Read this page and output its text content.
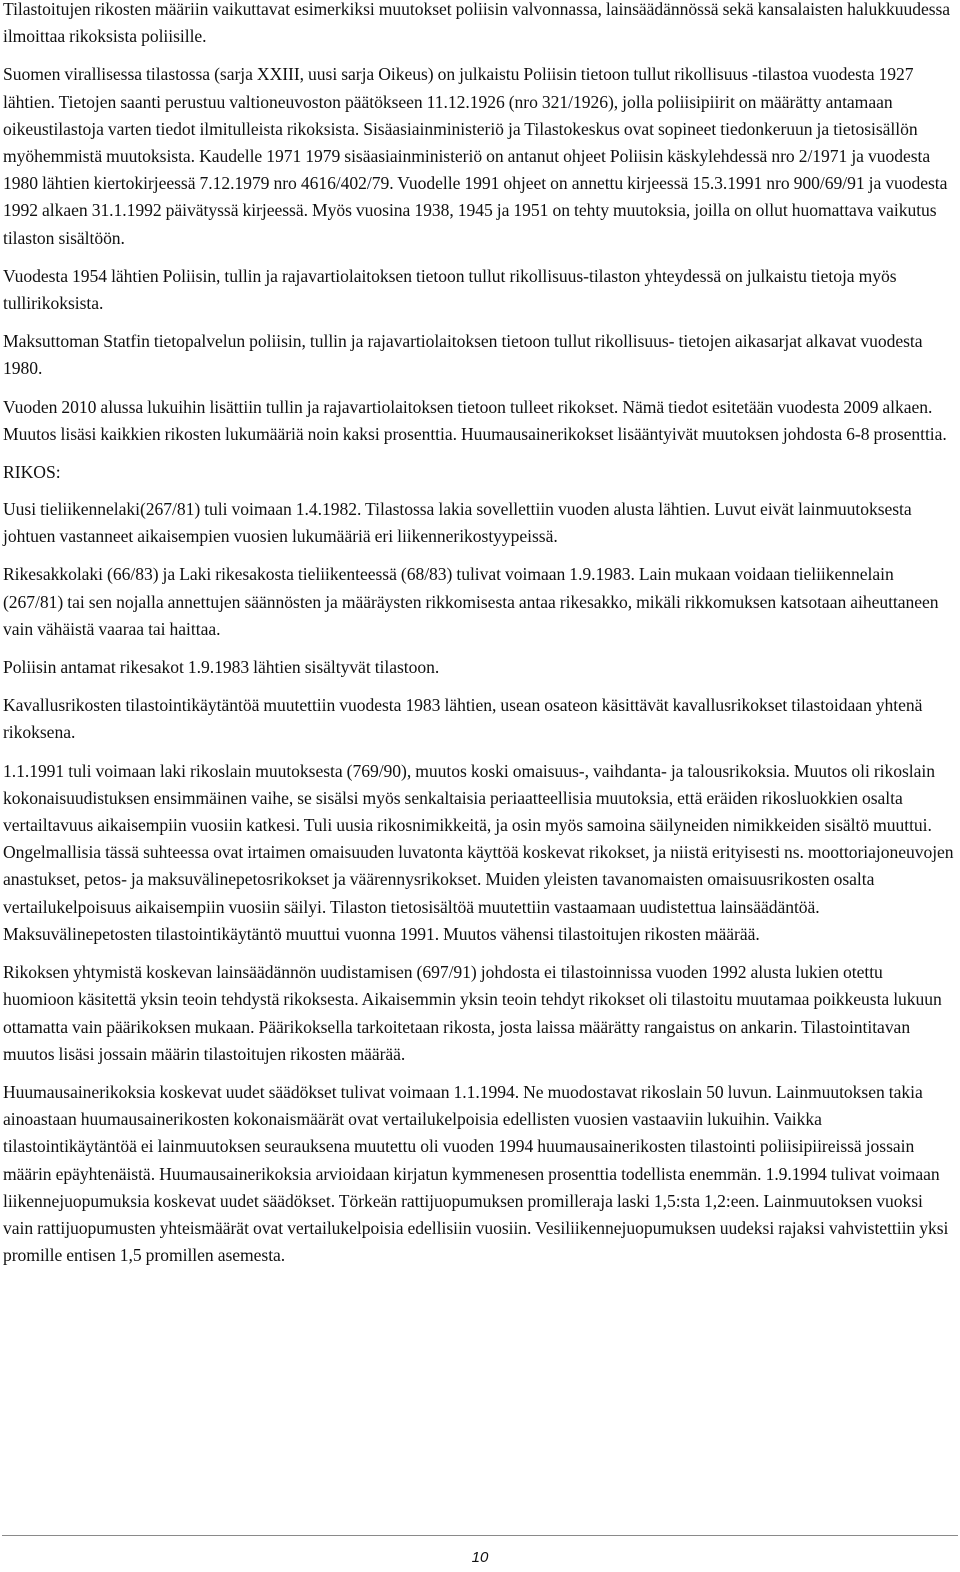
Tilastoitujen rikosten määriin vaikuttavat esimerkiksi muutokset poliisin valvonnassa, lainsäädännössä sekä kansalaisten halukkuudessa ilmoittaa rikoksista poliisille.

Suomen virallisessa tilastossa (sarja XXIII, uusi sarja Oikeus) on julkaistu Poliisin tietoon tullut rikollisuus -tilastoa vuodesta 1927 lähtien. Tietojen saanti perustuu valtioneuvoston päätökseen 11.12.1926 (nro 321/1926), jolla poliisipiirit on määrätty antamaan oikeustilastoja varten tiedot ilmitulleista rikoksista. Sisäasiainministeriö ja Tilastokeskus ovat sopineet tiedonkeruun ja tietosisällön myöhemmistä muutoksista. Kaudelle 1971 1979 sisäasiainministeriö on antanut ohjeet Poliisin käskylehdessä nro 2/1971 ja vuodesta 1980 lähtien kiertokirjeessä 7.12.1979 nro 4616/402/79. Vuodelle 1991 ohjeet on annettu kirjeessä 15.3.1991 nro 900/69/91 ja vuodesta 1992 alkaen 31.1.1992 päivätyssä kirjeessä. Myös vuosina 1938, 1945 ja 1951 on tehty muutoksia, joilla on ollut huomattava vaikutus tilaston sisältöön.

Vuodesta 1954 lähtien Poliisin, tullin ja rajavartiolaitoksen tietoon tullut rikollisuus-tilaston yhteydessä on julkaistu tietoja myös tullirikoksista.

Maksuttoman Statfin tietopalvelun poliisin, tullin ja rajavartiolaitoksen tietoon tullut rikollisuus- tietojen aikasarjat alkavat vuodesta 1980.

Vuoden 2010 alussa lukuihin lisättiin tullin ja rajavartiolaitoksen tietoon tulleet rikokset. Nämä tiedot esitetään vuodesta 2009 alkaen. Muutos lisäsi kaikkien rikosten lukumääriä noin kaksi prosenttia. Huumausainerikokset lisääntyivät muutoksen johdosta 6-8 prosenttia.

RIKOS:

Uusi tieliikennelaki(267/81) tuli voimaan 1.4.1982. Tilastossa lakia sovellettiin vuoden alusta lähtien. Luvut eivät lainmuutoksesta johtuen vastanneet aikaisempien vuosien lukumääriä eri liikennerikostyypeissä.

Rikesakkolaki (66/83) ja Laki rikesakosta tieliikenteessä (68/83) tulivat voimaan 1.9.1983. Lain mukaan voidaan tieliikennelain (267/81) tai sen nojalla annettujen säännösten ja määräysten rikkomisesta antaa rikesakko, mikäli rikkomuksen katsotaan aiheuttaneen vain vähäistä vaaraa tai haittaa.

Poliisin antamat rikesakot 1.9.1983 lähtien sisältyvät tilastoon.

Kavallusrikosten tilastointikäytäntöä muutettiin vuodesta 1983 lähtien, usean osateon käsittävät kavallusrikokset tilastoidaan yhtenä rikoksena.

1.1.1991 tuli voimaan laki rikoslain muutoksesta (769/90), muutos koski omaisuus-, vaihdanta- ja talousrikoksia. Muutos oli rikoslain kokonaisuudistuksen ensimmäinen vaihe, se sisälsi myös senkaltaisia periaatteellisia muutoksia, että eräiden rikosluokkien osalta vertailtavuus aikaisempiin vuosiin katkesi. Tuli uusia rikosnimikkeitä, ja osin myös samoina säilyneiden nimikkeiden sisältö muuttui. Ongelmallisia tässä suhteessa ovat irtaimen omaisuuden luvatonta käyttöä koskevat rikokset, ja niistä erityisesti ns. moottoriajoneuvojen anastukset, petos- ja maksuvälinepetosrikokset ja väärennysrikokset. Muiden yleisten tavanomaisten omaisuusrikosten osalta vertailukelpoisuus aikaisempiin vuosiin säilyi. Tilaston tietosisältöä muutettiin vastaamaan uudistettua lainsäädäntöä. Maksuvälinepetosten tilastointikäytäntö muuttui vuonna 1991. Muutos vähensi tilastoitujen rikosten määrää.

Rikoksen yhtymistä koskevan lainsäädännön uudistamisen (697/91) johdosta ei tilastoinnissa vuoden 1992 alusta lukien otettu huomioon käsitettä yksin teoin tehdystä rikoksesta. Aikaisemmin yksin teoin tehdyt rikokset oli tilastoitu muutamaa poikkeusta lukuun ottamatta vain päärikoksen mukaan. Päärikoksella tarkoitetaan rikosta, josta laissa määrätty rangaistus on ankarin. Tilastointitavan muutos lisäsi jossain määrin tilastoitujen rikosten määrää.

Huumausainerikoksia koskevat uudet säädökset tulivat voimaan 1.1.1994. Ne muodostavat rikoslain 50 luvun. Lainmuutoksen takia ainoastaan huumausainerikosten kokonaismäärät ovat vertailukelpoisia edellisten vuosien vastaaviin lukuihin. Vaikka tilastointikäytäntöä ei lainmuutoksen seurauksena muutettu oli vuoden 1994 huumausainerikosten tilastointi poliisipiireissä jossain määrin epäyhtenäistä. Huumausainerikoksia arvioidaan kirjatun kymmenesen prosenttia todellista enemmän. 1.9.1994 tulivat voimaan liikennejuopumuksia koskevat uudet säädökset. Törkeän rattijuopumuksen promilleraja laski 1,5:sta 1,2:een. Lainmuutoksen vuoksi vain rattijuopumusten yhteismäärät ovat vertailukelpoisia edellisiin vuosiin. Vesiliikennejuopumuksen uudeksi rajaksi vahvistettiin yksi promille entisen 1,5 promillen asemesta.

10
